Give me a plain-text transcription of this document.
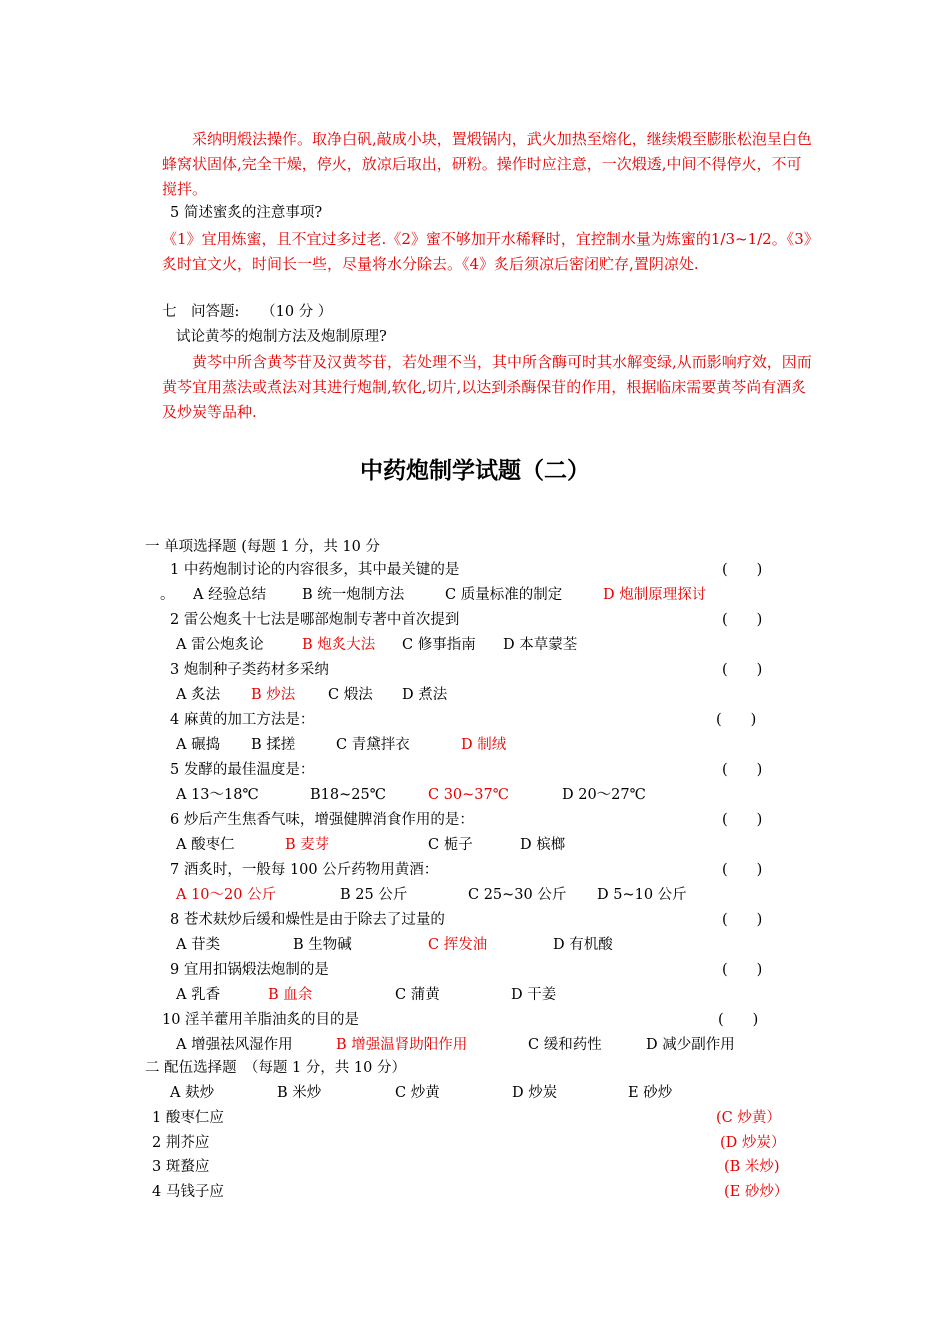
采纳明煅法操作。取净白矾,敲成小块，置煅锅内，武火加热至熔化，继续煅至膨胀松泡呈白色蜂窝状固体,完全干燥，停火，放凉后取出，研粉。操作时应注意，一次煅透,中间不得停火，不可搅拌。

5 简述蜜炙的注意事项?

《1》宜用炼蜜，且不宜过多过老.《2》蜜不够加开水稀释时，宜控制水量为炼蜜的1/3~1/2。《3》炙时宜文火，时间长一些，尽量将水分除去。《4》炙后须凉后密闭贮存,置阴凉处.

七　问答题:　　（10 分 ）
试论黄芩的炮制方法及炮制原理?

黄芩中所含黄芩苷及汉黄芩苷，若处理不当，其中所含酶可时其水解变绿,从而影响疗效，因而黄芩宜用蒸法或煮法对其进行炮制,软化,切片,以达到杀酶保苷的作用，根据临床需要黄芩尚有酒炙及炒炭等品种.

中药炮制学试题（二）
一 单项选择题 (每题 1 分，共 10 分
1 中药炮制讨论的内容很多，其中最关键的是	(　　)
。 A 经验总结 B 统一炮制方法	C 质量标准的制定	D 炮制原理探讨
2 雷公炮炙十七法是哪部炮制专著中首次提到	(　　)
A 雷公炮炙论	B 炮炙大法 C 修事指南 D 本草蒙荃
3 炮制种子类药材多采纳	(　　)
A 炙法 B 炒法 C 煅法 D 煮法
4 麻黄的加工方法是：	(　　)
A 碾捣 B 揉搓	C 青黛拌衣	D 制绒
5 发酵的最佳温度是：	(　　)
A 13～18℃	B18~25℃	C 30~37℃	D 20～27℃
6 炒后产生焦香气味，增强健脾消食作用的是：	(　　)
A 酸枣仁	B 麦芽	C 栀子	D 槟榔
7 酒炙时，一般每 100 公斤药物用黄酒：	(　　)
A 10～20 公斤	B 25 公斤	C 25~30 公斤 D 5~10 公斤
8 苍术麸炒后缓和燥性是由于除去了过量的	(　　)
A 苷类	B 生物碱	C 挥发油	D 有机酸
9 宜用扣锅煅法炮制的是	(　　)
A 乳香	B 血余	C 蒲黄	D 干姜
10 淫羊藿用羊脂油炙的目的是	(　　)
A 增强祛风湿作用	B 增强温肾助阳作用	C 缓和药性	D 减少副作用
二 配伍选择题　（每题 1 分，共 10 分）
A 麸炒	B 米炒	C 炒黄	D 炒炭	E 砂炒
1 酸枣仁应	(C 炒黄）
2 荆芥应	(D 炒炭）
3 斑蝥应	(B 米炒)
4 马钱子应	(E 砂炒）
